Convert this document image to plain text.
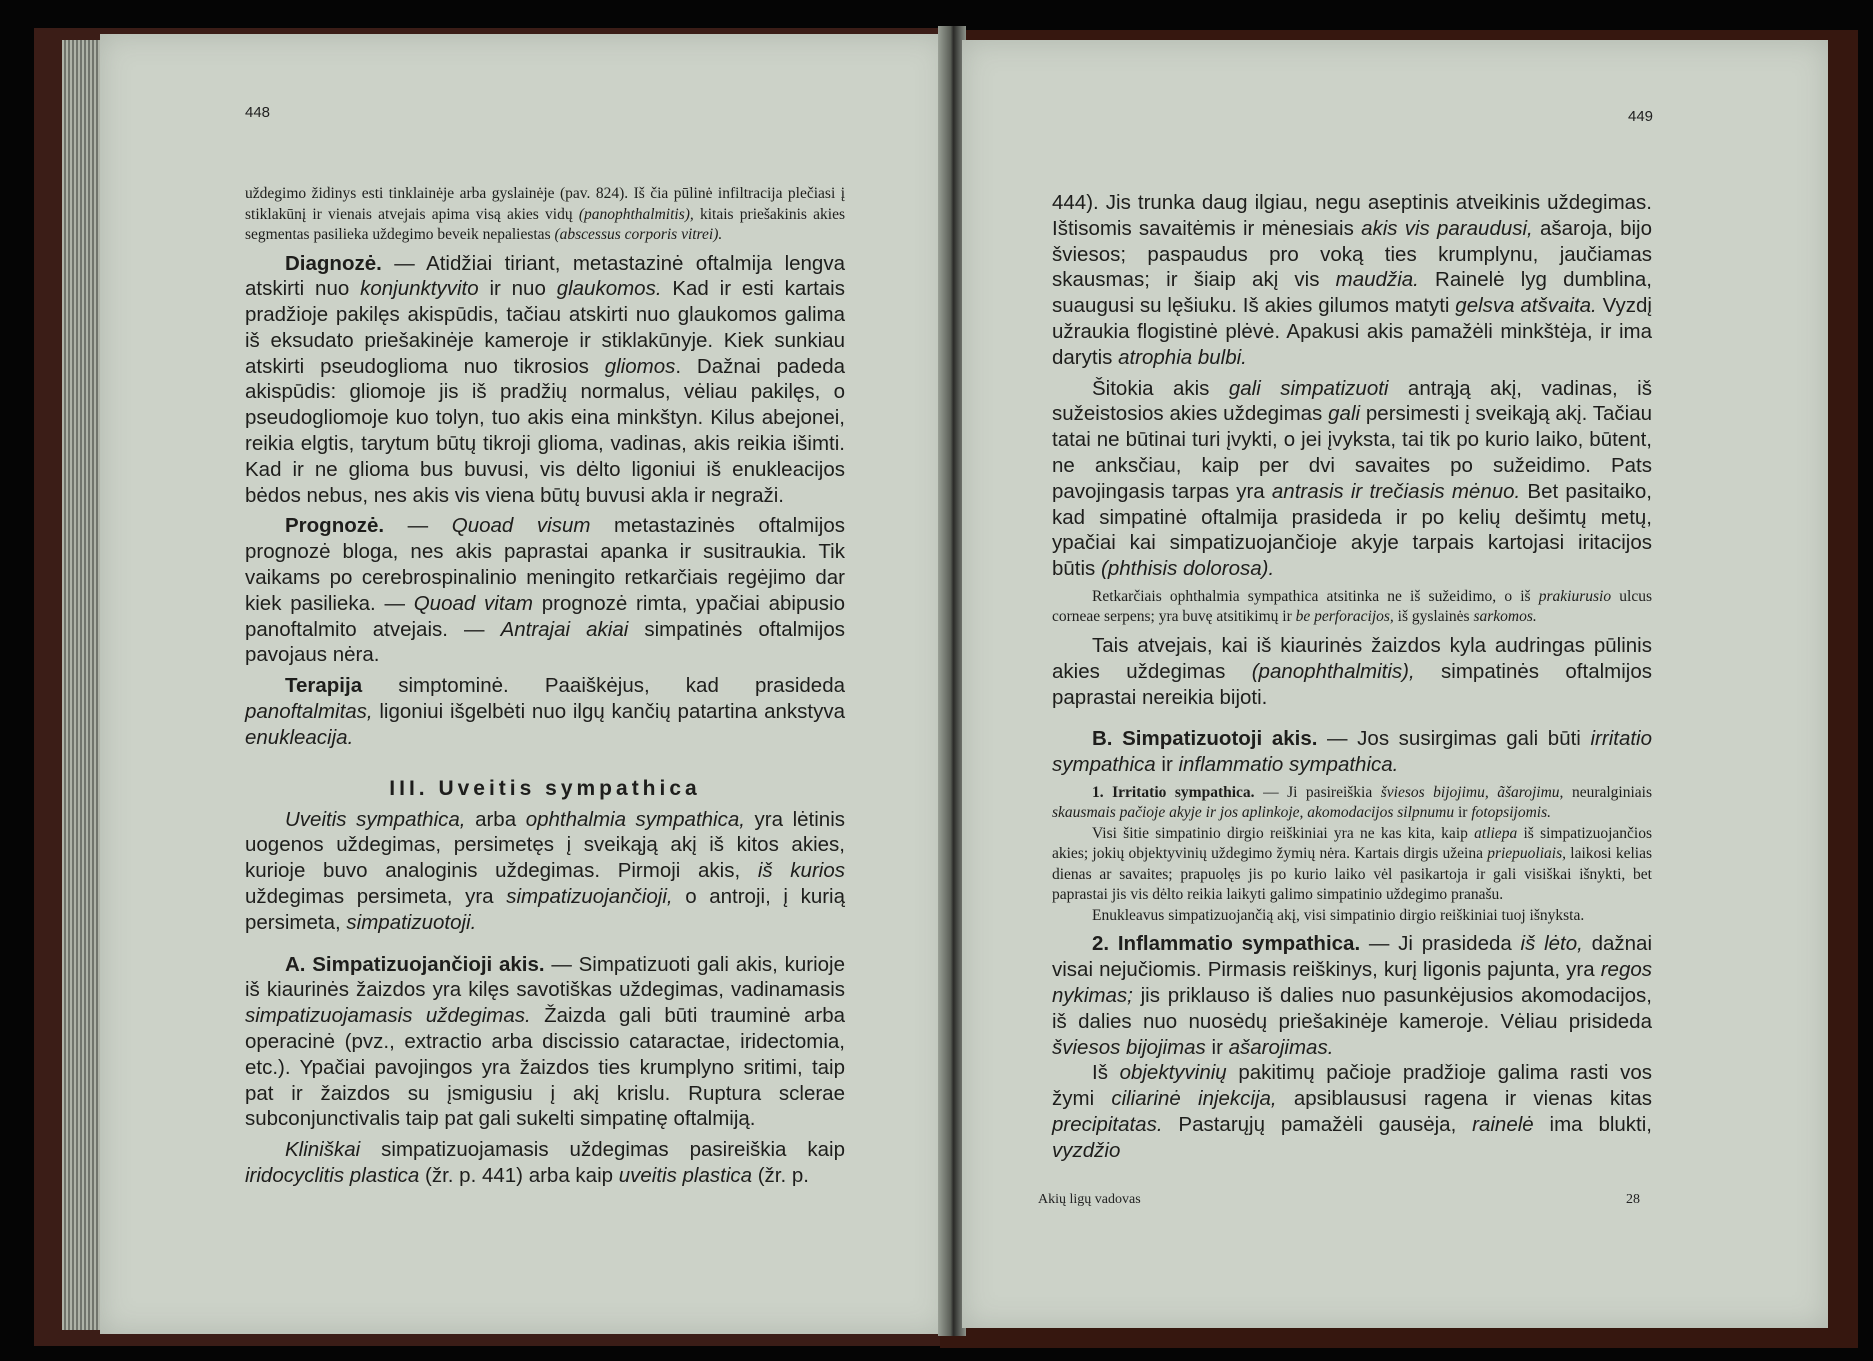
448

uždegimo židinys esti tinklainėje arba gyslainėje (pav. 824). Iš čia pūlinė infiltracija plečiasi į stiklakūnį ir vienais atvejais apima visą akies vidų (panophthalmitis), kitais priešakinis akies segmentas pasilieka uždegimo beveik nepaliestas (abscessus corporis vitrei).

Diagnozė. — Atidžiai tiriant, metastazinė oftalmija lengva atskirti nuo konjunktyvito ir nuo glaukomos. Kad ir esti kartais pradžioje pakilęs akispūdis, tačiau atskirti nuo glaukomos galima iš eksudato priešakinėje kameroje ir stiklakūnyje. Kiek sunkiau atskirti pseudoglioma nuo tikrosios gliomos. Dažnai padeda akispūdis: gliomoje jis iš pradžių normalus, vėliau pakilęs, o pseudogliomoje kuo tolyn, tuo akis eina minkštyn. Kilus abejonei, reikia elgtis, tarytum būtų tikroji glioma, vadinas, akis reikia išimti. Kad ir ne glioma bus buvusi, vis dėlto ligoniui iš enukleacijos bėdos nebus, nes akis vis viena būtų buvusi akla ir negraži.

Prognozė. — Quoad visum metastazinės oftalmijos prognozė bloga, nes akis paprastai apanka ir susitraukia. Tik vaikams po cerebrospinalinio meningito retkarčiais regėjimo dar kiek pasilieka. — Quoad vitam prognozė rimta, ypačiai abipusio panoftalmito atvejais. — Antrajai akiai simpatinės oftalmijos pavojaus nėra.

Terapija simptominė. Paaiškėjus, kad prasideda panoftalmitas, ligoniui išgelbėti nuo ilgų kančių patartina ankstyva enukleacija.

III. Uveitis sympathica

Uveitis sympathica, arba ophthalmia sympathica, yra lėtinis uogenos uždegimas, persimetęs į sveikąją akį iš kitos akies, kurioje buvo analoginis uždegimas. Pirmoji akis, iš kurios uždegimas persimeta, yra simpatizuojančioji, o antroji, į kurią persimeta, simpatizuotoji.

A. Simpatizuojančioji akis. — Simpatizuoti gali akis, kurioje iš kiaurinės žaizdos yra kilęs savotiškas uždegimas, vadinamasis simpatizuojamasis uždegimas. Žaizda gali būti trauminė arba operacinė (pvz., extractio arba discissio cataractae, iridectomia, etc.). Ypačiai pavojingos yra žaizdos ties krumplyno sritimi, taip pat ir žaizdos su įsmigusiu į akį krislu. Ruptura sclerae subconjunctivalis taip pat gali sukelti simpatinę oftalmiją.

Kliniškai simpatizuojamasis uždegimas pasireiškia kaip iridocyclitis plastica (žr. p. 441) arba kaip uveitis plastica (žr. p.

449

444). Jis trunka daug ilgiau, negu aseptinis atveikinis uždegimas. Ištisomis savaitėmis ir mėnesiais akis vis paraudusi, ašaroja, bijo šviesos; paspaudus pro voką ties krumplynu, jaučiamas skausmas; ir šiaip akį vis maudžia. Rainelė lyg dumblina, suaugusi su lęšiuku. Iš akies gilumos matyti gelsva atšvaita. Vyzdį užraukia flogistinė plėvė. Apakusi akis pamažėli minkštėja, ir ima darytis atrophia bulbi.

Šitokia akis gali simpatizuoti antrąją akį, vadinas, iš sužeistosios akies uždegimas gali persimesti į sveikąją akį. Tačiau tatai ne būtinai turi įvykti, o jei įvyksta, tai tik po kurio laiko, būtent, ne anksčiau, kaip per dvi savaites po sužeidimo. Pats pavojingasis tarpas yra antrasis ir trečiasis mėnuo. Bet pasitaiko, kad simpatinė oftalmija prasideda ir po kelių dešimtų metų, ypačiai kai simpatizuojančioje akyje tarpais kartojasi iritacijos būtis (phthisis dolorosa).

Retkarčiais ophthalmia sympathica atsitinka ne iš sužeidimo, o iš prakiurusio ulcus corneae serpens; yra buvę atsitikimų ir be perforacijos, iš gyslainės sarkomos.

Tais atvejais, kai iš kiaurinės žaizdos kyla audringas pūlinis akies uždegimas (panophthalmitis), simpatinės oftalmijos paprastai nereikia bijoti.

B. Simpatizuotoji akis. — Jos susirgimas gali būti irritatio sympathica ir inflammatio sympathica.

1. Irritatio sympathica. — Ji pasireiškia šviesos bijojimu, ãšarojimu, neuralginiais skausmais pačioje akyje ir jos aplinkoje, akomodacijos silpnumu ir fotopsijomis.

Visi šitie simpatinio dirgio reiškiniai yra ne kas kita, kaip atliepa iš simpatizuojančios akies; jokių objektyvinių uždegimo žymių nėra. Kartais dirgis užeina priepuoliais, laikosi kelias dienas ar savaites; prapuolęs jis po kurio laiko vėl pasikartoja ir gali visiškai išnykti, bet paprastai jis vis dėlto reikia laikyti galimo simpatinio uždegimo pranašu.

Enukleavus simpatizuojančią akį, visi simpatinio dirgio reiškiniai tuoj išnyksta.

2. Inflammatio sympathica. — Ji prasideda iš lėto, dažnai visai nejučiomis. Pirmasis reiškinys, kurį ligonis pajunta, yra regos nykimas; jis priklauso iš dalies nuo pasunkėjusios akomodacijos, iš dalies nuo nuosėdų priešakinėje kameroje. Vėliau prisideda šviesos bijojimas ir ašarojimas.

Iš objektyvinių pakitimų pačioje pradžioje galima rasti vos žymi ciliarinė injekcija, apsiblaususi ragena ir vienas kitas precipitatas. Pastarųjų pamažėli gausėja, rainelė ima blukti, vyzdžio

Akių ligų vadovas	28
